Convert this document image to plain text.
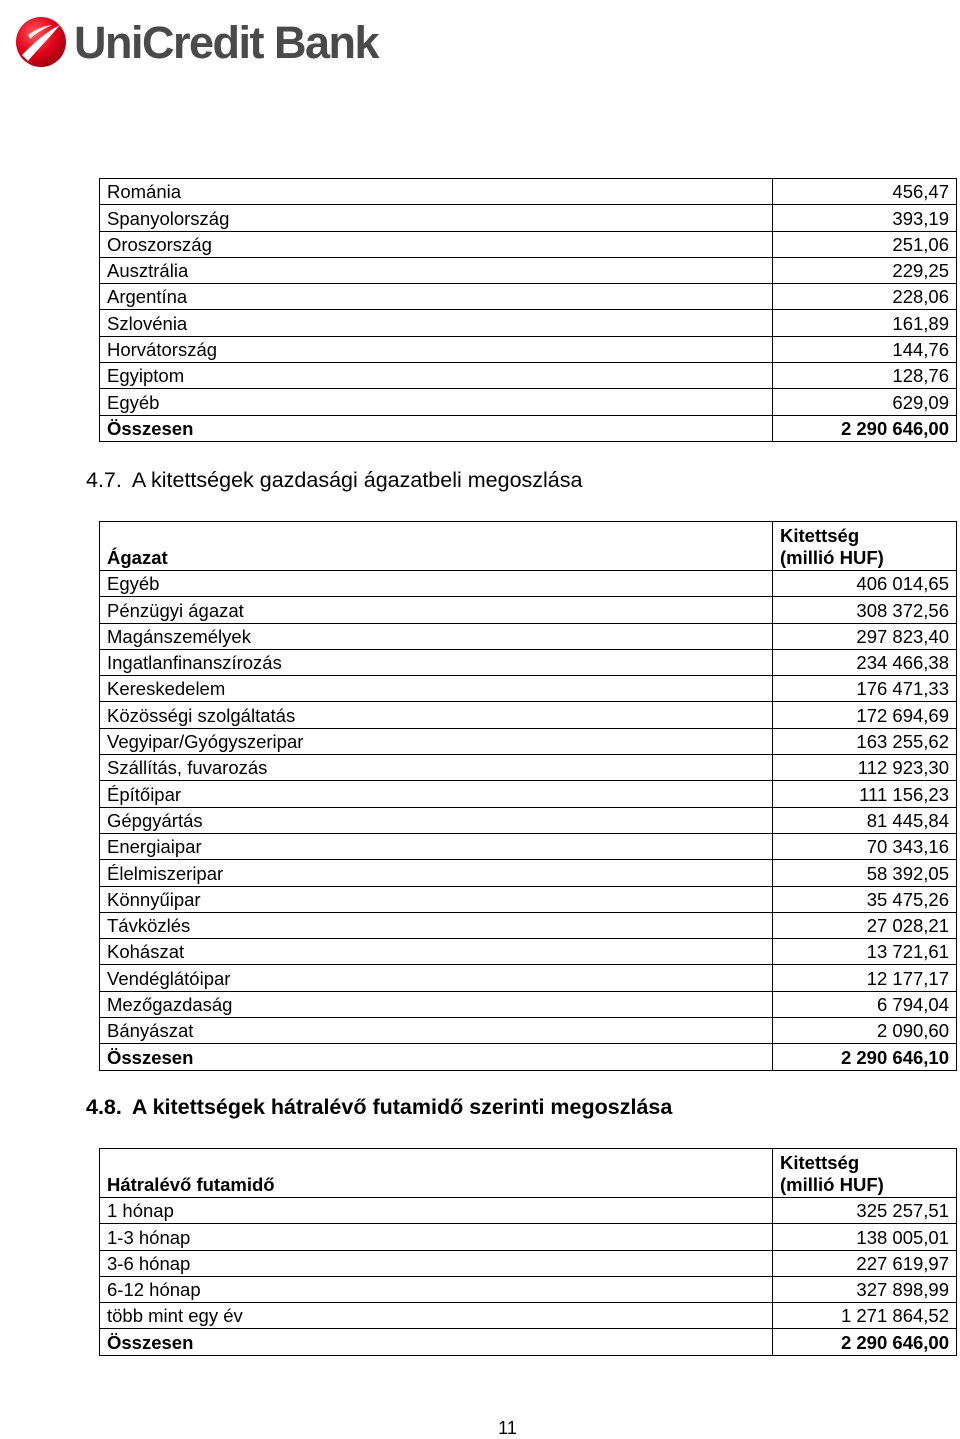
UniCredit Bank
Románia	456,47
Spanyolország	393,19
Oroszország	251,06
Ausztrália	229,25
Argentína	228,06
Szlovénia	161,89
Horvátország	144,76
Egyiptom	128,76
Egyéb	629,09
Összesen	2 290 646,00
4.7. A kitettségek gazdasági ágazatbeli megoszlása
Ágazat	Kitettség
(millió HUF)

Egyéb	406 014,65
Pénzügyi ágazat	308 372,56
Magánszemélyek	297 823,40
Ingatlanfinanszírozás	234 466,38
Kereskedelem	176 471,33
Közösségi szolgáltatás	172 694,69
Vegyipar/Gyógyszeripar	163 255,62
Szállítás, fuvarozás	112 923,30
Építőipar	111 156,23
Gépgyártás	81 445,84
Energiaipar	70 343,16
Élelmiszeripar	58 392,05
Könnyűipar	35 475,26
Távközlés	27 028,21
Kohászat	13 721,61
Vendéglátóipar	12 177,17
Mezőgazdaság	6 794,04
Bányászat	2 090,60
Összesen	2 290 646,10
4.8. A kitettségek hátralévő futamidő szerinti megoszlása
Hátralévő futamidő	Kitettség
(millió HUF)

1 hónap	325 257,51
1-3 hónap	138 005,01
3-6 hónap	227 619,97
6-12 hónap	327 898,99
több mint egy év	1 271 864,52
Összesen	2 290 646,00
11
